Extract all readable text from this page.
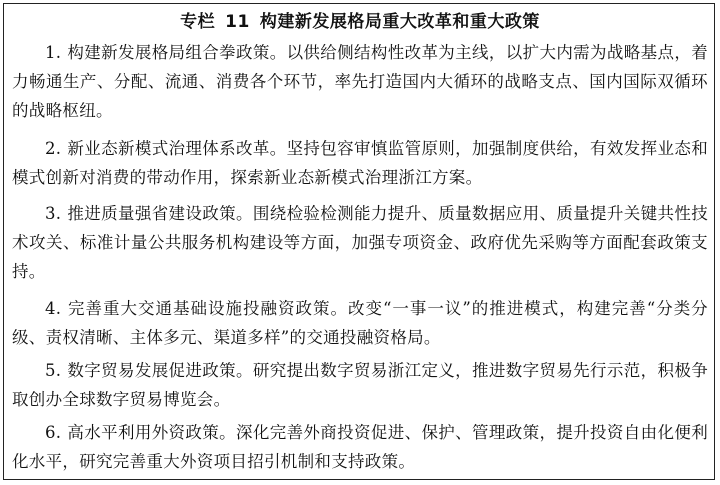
专栏 11 构建新发展格局重大改革和重大政策

1. 构建新发展格局组合拳政策。以供给侧结构性改革为主线，以扩大内需为战略基点，着力畅通生产、分配、流通、消费各个环节，率先打造国内大循环的战略支点、国内国际双循环的战略枢纽。

2. 新业态新模式治理体系改革。坚持包容审慎监管原则，加强制度供给，有效发挥业态和模式创新对消费的带动作用，探索新业态新模式治理浙江方案。

3. 推进质量强省建设政策。围绕检验检测能力提升、质量数据应用、质量提升关键共性技术攻关、标准计量公共服务机构建设等方面，加强专项资金、政府优先采购等方面配套政策支持。

4. 完善重大交通基础设施投融资政策。改变“一事一议”的推进模式，构建完善“分类分级、责权清晰、主体多元、渠道多样”的交通投融资格局。

5. 数字贸易发展促进政策。研究提出数字贸易浙江定义，推进数字贸易先行示范，积极争取创办全球数字贸易博览会。

6. 高水平利用外资政策。深化完善外商投资促进、保护、管理政策，提升投资自由化便利化水平，研究完善重大外资项目招引机制和支持政策。
